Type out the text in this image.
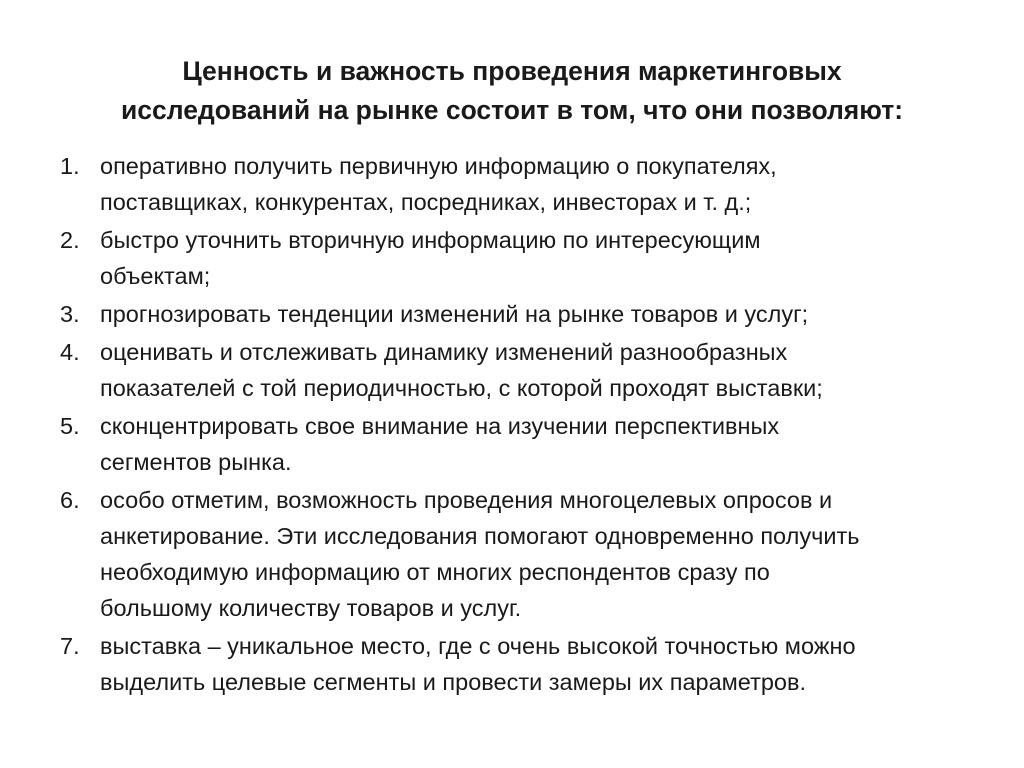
Ценность и важность проведения маркетинговых
исследований на рынке состоит в том, что они позволяют:
1. оперативно получить первичную информацию о покупателях,
поставщиках, конкурентах, посредниках, инвесторах и т. д.;
2. быстро уточнить вторичную информацию по интересующим
объектам;
3. прогнозировать тенденции изменений на рынке товаров и услуг;
4. оценивать и отслеживать динамику изменений разнообразных
показателей с той периодичностью, с которой проходят выставки;
5. сконцентрировать свое внимание на изучении перспективных
сегментов рынка.
6. особо отметим, возможность проведения многоцелевых опросов и
анкетирование. Эти исследования помогают одновременно получить
необходимую информацию от многих респондентов сразу по
большому количеству товаров и услуг.
7. выставка – уникальное место, где с очень высокой точностью можно
выделить целевые сегменты и провести замеры их параметров.
